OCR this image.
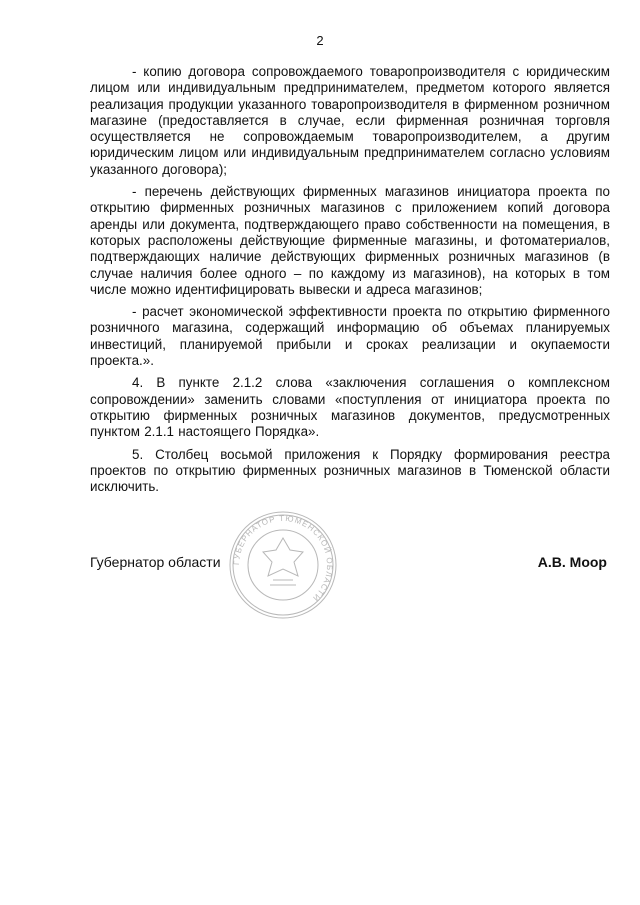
2

- копию договора сопровождаемого товаропроизводителя с юридическим лицом или индивидуальным предпринимателем, предметом которого является реализация продукции указанного товаропроизводителя в фирменном розничном магазине (предоставляется в случае, если фирменная розничная торговля осуществляется не сопровождаемым товаропроизводителем, а другим юридическим лицом или индивидуальным предпринимателем согласно условиям указанного договора);

- перечень действующих фирменных магазинов инициатора проекта по открытию фирменных розничных магазинов с приложением копий договора аренды или документа, подтверждающего право собственности на помещения, в которых расположены действующие фирменные магазины, и фотоматериалов, подтверждающих наличие действующих фирменных розничных магазинов (в случае наличия более одного – по каждому из магазинов), на которых в том числе можно идентифицировать вывески и адреса магазинов;

- расчет экономической эффективности проекта по открытию фирменного розничного магазина, содержащий информацию об объемах планируемых инвестиций, планируемой прибыли и сроках реализации и окупаемости проекта.».

4. В пункте 2.1.2 слова «заключения соглашения о комплексном сопровождении» заменить словами «поступления от инициатора проекта по открытию фирменных розничных магазинов документов, предусмотренных пунктом 2.1.1 настоящего Порядка».

5. Столбец восьмой приложения к Порядку формирования реестра проектов по открытию фирменных розничных магазинов в Тюменской области исключить.

ГУБЕРНАТОР ТЮМЕНСКОЙ ОБЛАСТИ
Губернатор области	А.В. Моор
